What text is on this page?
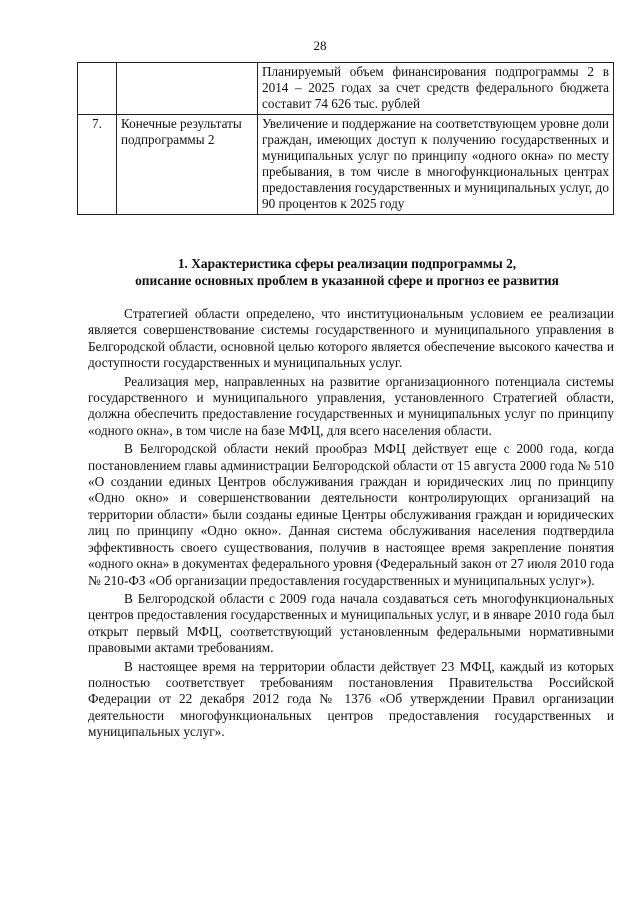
28
		Планируемый объем финансирования подпрограммы 2 в 2014 – 2025 годах за счет средств федерального бюджета составит 74 626 тыс. рублей
7.	Конечные результаты подпрограммы 2	Увеличение и поддержание на соответствующем уровне доли граждан, имеющих доступ к получению государственных и муниципальных услуг по принципу «одного окна» по месту пребывания, в том числе в многофункциональных центрах предоставления государственных и муниципальных услуг, до 90 процентов к 2025 году
1. Характеристика сферы реализации подпрограммы 2,
описание основных проблем в указанной сфере и прогноз ее развития

Стратегией области определено, что институциональным условием ее реализации является совершенствование системы государственного и муниципального управления в Белгородской области, основной целью которого является обеспечение высокого качества и доступности государственных и муниципальных услуг.

Реализация мер, направленных на развитие организационного потенциала системы государственного и муниципального управления, установленного Стратегией области, должна обеспечить предоставление государственных и муниципальных услуг по принципу «одного окна», в том числе на базе МФЦ, для всего населения области.

В Белгородской области некий прообраз МФЦ действует еще с 2000 года, когда постановлением главы администрации Белгородской области от 15 августа 2000 года № 510 «О создании единых Центров обслуживания граждан и юридических лиц по принципу «Одно окно» и совершенствовании деятельности контролирующих организаций на территории области» были созданы единые Центры обслуживания граждан и юридических лиц по принципу «Одно окно». Данная система обслуживания населения подтвердила эффективность своего существования, получив в настоящее время закрепление понятия «одного окна» в документах федерального уровня (Федеральный закон от 27 июля 2010 года № 210-ФЗ «Об организации предоставления государственных и муниципальных услуг»).

В Белгородской области с 2009 года начала создаваться сеть многофункциональных центров предоставления государственных и муниципальных услуг, и в январе 2010 года был открыт первый МФЦ, соответствующий установленным федеральными нормативными правовыми актами требованиям.

В настоящее время на территории области действует 23 МФЦ, каждый из которых полностью соответствует требованиям постановления Правительства Российской Федерации от 22 декабря 2012 года № 1376 «Об утверждении Правил организации деятельности многофункциональных центров предоставления государственных и муниципальных услуг».
